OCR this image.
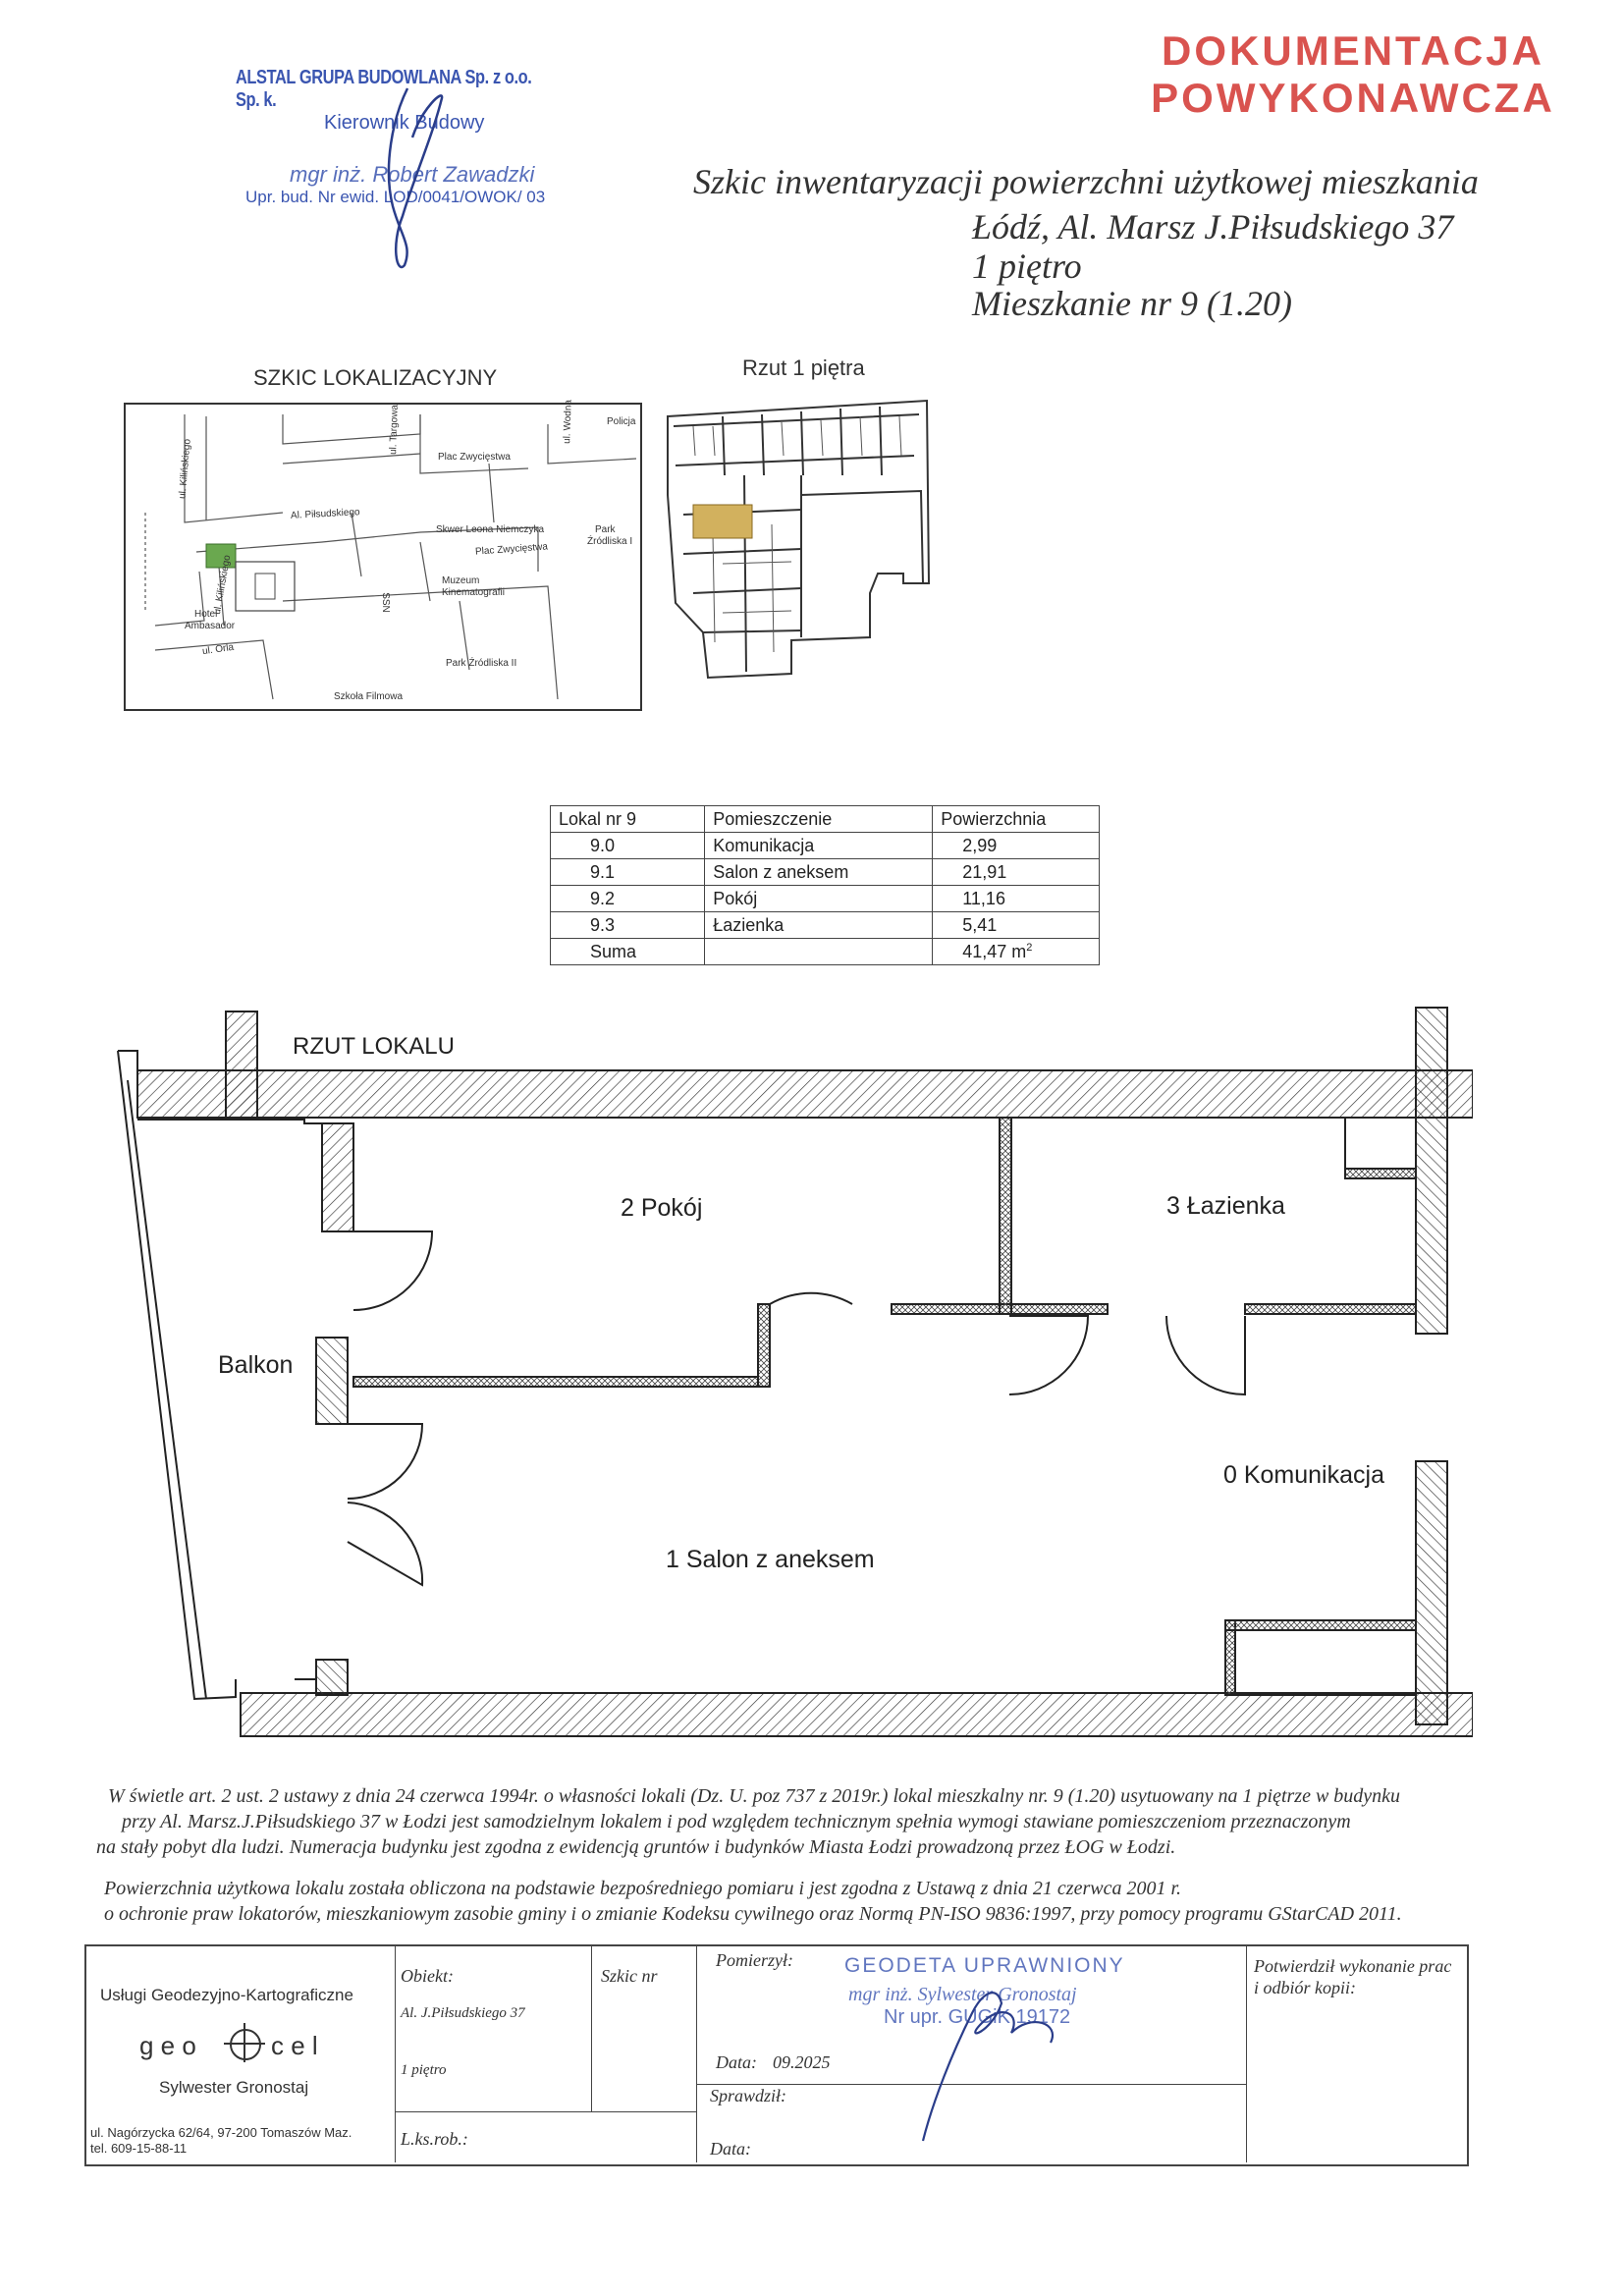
DOKUMENTACJA
POWYKONAWCZA
ALSTAL GRUPA BUDOWLANA Sp. z o.o. Sp. k.
Kierownik Budowy
mgr inż. Robert Zawadzki
Upr. bud. Nr ewid. LOD/0041/OWOK/ 03	Szkic inwentaryzacji powierzchni użytkowej mieszkania
Łódź, Al. Marsz J.Piłsudskiego 37
1 piętro
Mieszkanie nr 9 (1.20)
SZKIC LOKALIZACYJNY
Plac Zwycięstwa
Al. Piłsudskiego
Skwer Leona Niemczyka
Plac Zwycięstwa
Park
Źródliska I
Muzeum
Kinematografii
Hotel
Ambasador
ul. Orla
ul. Kilińskiego
ul. Kilińskiego
Park Źródliska II
Szkoła Filmowa
Policja
ul. Targowa	ul. Wodna
SSN
Rzut 1 piętra
Lokal nr 9	Pomieszczenie	Powierzchnia
9.0	Komunikacja	2,99
9.1	Salon z aneksem	21,91
9.2	Pokój	11,16
9.3	Łazienka	5,41
Suma		41,47 $m^2$
RZUT LOKALU
2 Pokój	3 Łazienka
Balkon
0 Komunikacja
1 Salon z aneksem
W świetle art. 2 ust. 2 ustawy z dnia 24 czerwca 1994r. o własności lokali (Dz. U. poz 737 z 2019r.) lokal mieszkalny nr. 9 (1.20) usytuowany na 1 piętrze w budynku
przy Al. Marsz.J.Piłsudskiego 37 w Łodzi jest samodzielnym lokalem i pod względem technicznym spełnia wymogi stawiane pomieszczeniom przeznaczonym
na stały pobyt dla ludzi. Numeracja budynku jest zgodna z ewidencją gruntów i budynków Miasta Łodzi prowadzoną przez ŁOG w Łodzi.
Powierzchnia użytkowa lokalu została obliczona na podstawie bezpośredniego pomiaru i jest zgodna z Ustawą z dnia 21 czerwca 2001 r.
o ochronie praw lokatorów, mieszkaniowym zasobie gminy i o zmianie Kodeksu cywilnego oraz Normą PN-ISO 9836:1997, przy pomocy programu GStarCAD 2011.
Usługi Geodezyjno-Kartograficzne
g e o	c e l
Sylwester Gronostaj
ul. Nagórzycka 62/64, 97-200 Tomaszów Maz.
tel. 609-15-88-11
Obiekt:
Al. J.Piłsudskiego 37
1 piętro
L.ks.rob.:
Szkic nr
Pomierzył:
Data: 09.2025
Sprawdził:
Data:
Potwierdził wykonanie prac
i odbiór kopii:
GEODETA UPRAWNIONY
mgr inż. Sylwester Gronostaj
Nr upr. GUGiK 19172
